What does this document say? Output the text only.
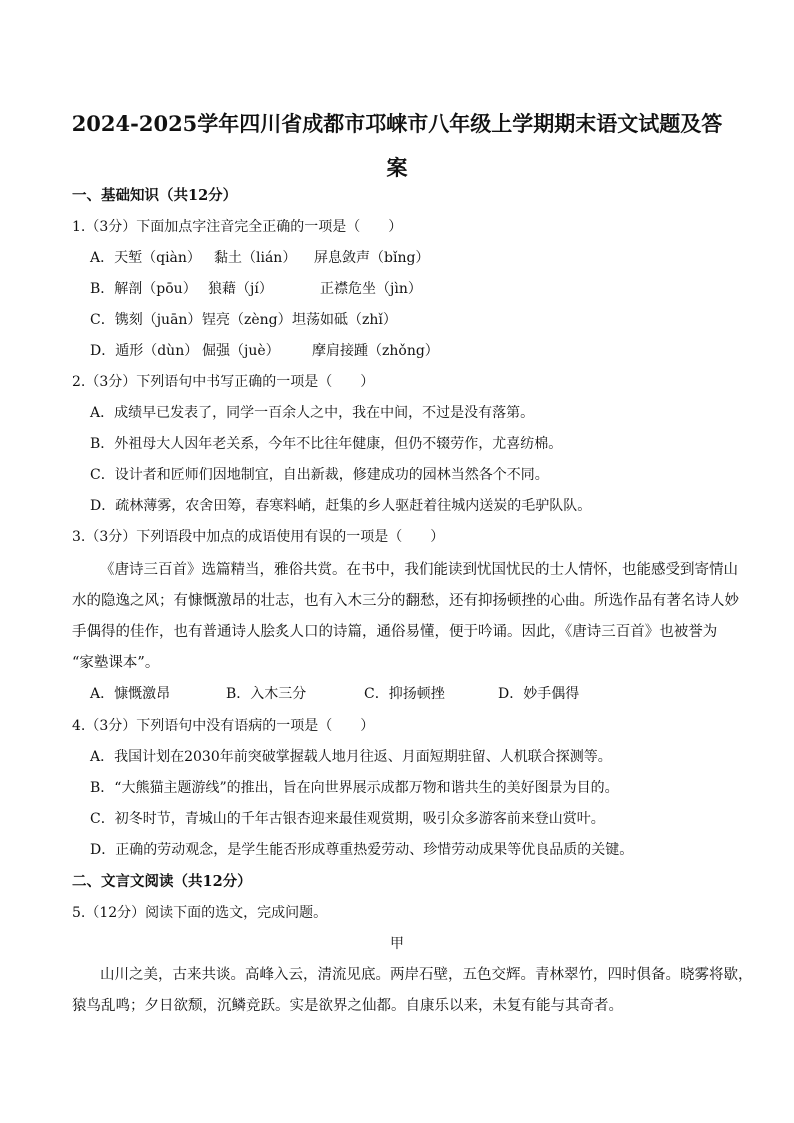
2024-2025学年四川省成都市邛崃市八年级上学期期末语文试题及答
案
一、基础知识（共12分）
1.（3分）下面加点字注音完全正确的一项是（　　）
A．天堑（qiàn） 黏土（lián） 屏息敛声（bǐng）
B．解剖（pōu） 狼藉（jí）	正襟危坐（jìn）
C．镌刻（juān）锃亮（zèng）坦荡如砥（zhǐ）
D．遁形（dùn） 倔强（juè） 摩肩接踵（zhǒng）
2.（3分）下列语句中书写正确的一项是（　　）
A．成绩早已发表了，同学一百余人之中，我在中间，不过是没有落第。
B．外祖母大人因年老关系，今年不比往年健康，但仍不辍劳作，尤喜纺棉。
C．设计者和匠师们因地制宜，自出新裁，修建成功的园林当然各个不同。
D．疏林薄雾，农舍田筹，春寒料峭，赶集的乡人驱赶着往城内送炭的毛驴队队。
3.（3分）下列语段中加点的成语使用有误的一项是（　　）
《唐诗三百首》选篇精当，雅俗共赏。在书中，我们能读到忧国忧民的士人情怀，也能感受到寄情山
水的隐逸之风；有慷慨激昂的壮志，也有入木三分的翻愁，还有抑扬顿挫的心曲。所选作品有著名诗人妙
手偶得的佳作，也有普通诗人脍炙人口的诗篇，通俗易懂，便于吟诵。因此，《唐诗三百首》也被誉为
“家塾课本”。
A．慷慨激昂	B．入木三分	C．抑扬顿挫	D．妙手偶得
4.（3分）下列语句中没有语病的一项是（　　）
A．我国计划在2030年前突破掌握载人地月往返、月面短期驻留、人机联合探测等。
B．“大熊猫主题游线”的推出，旨在向世界展示成都万物和谐共生的美好图景为目的。
C．初冬时节，青城山的千年古银杏迎来最佳观赏期，吸引众多游客前来登山赏叶。
D．正确的劳动观念，是学生能否形成尊重热爱劳动、珍惜劳动成果等优良品质的关键。
二、文言文阅读（共12分）
5.（12分）阅读下面的选文，完成问题。
甲
山川之美，古来共谈。高峰入云，清流见底。两岸石壁，五色交辉。青林翠竹，四时俱备。晓雾将歇，
猿鸟乱鸣；夕日欲颓，沉鳞竞跃。实是欲界之仙都。自康乐以来，未复有能与其奇者。
